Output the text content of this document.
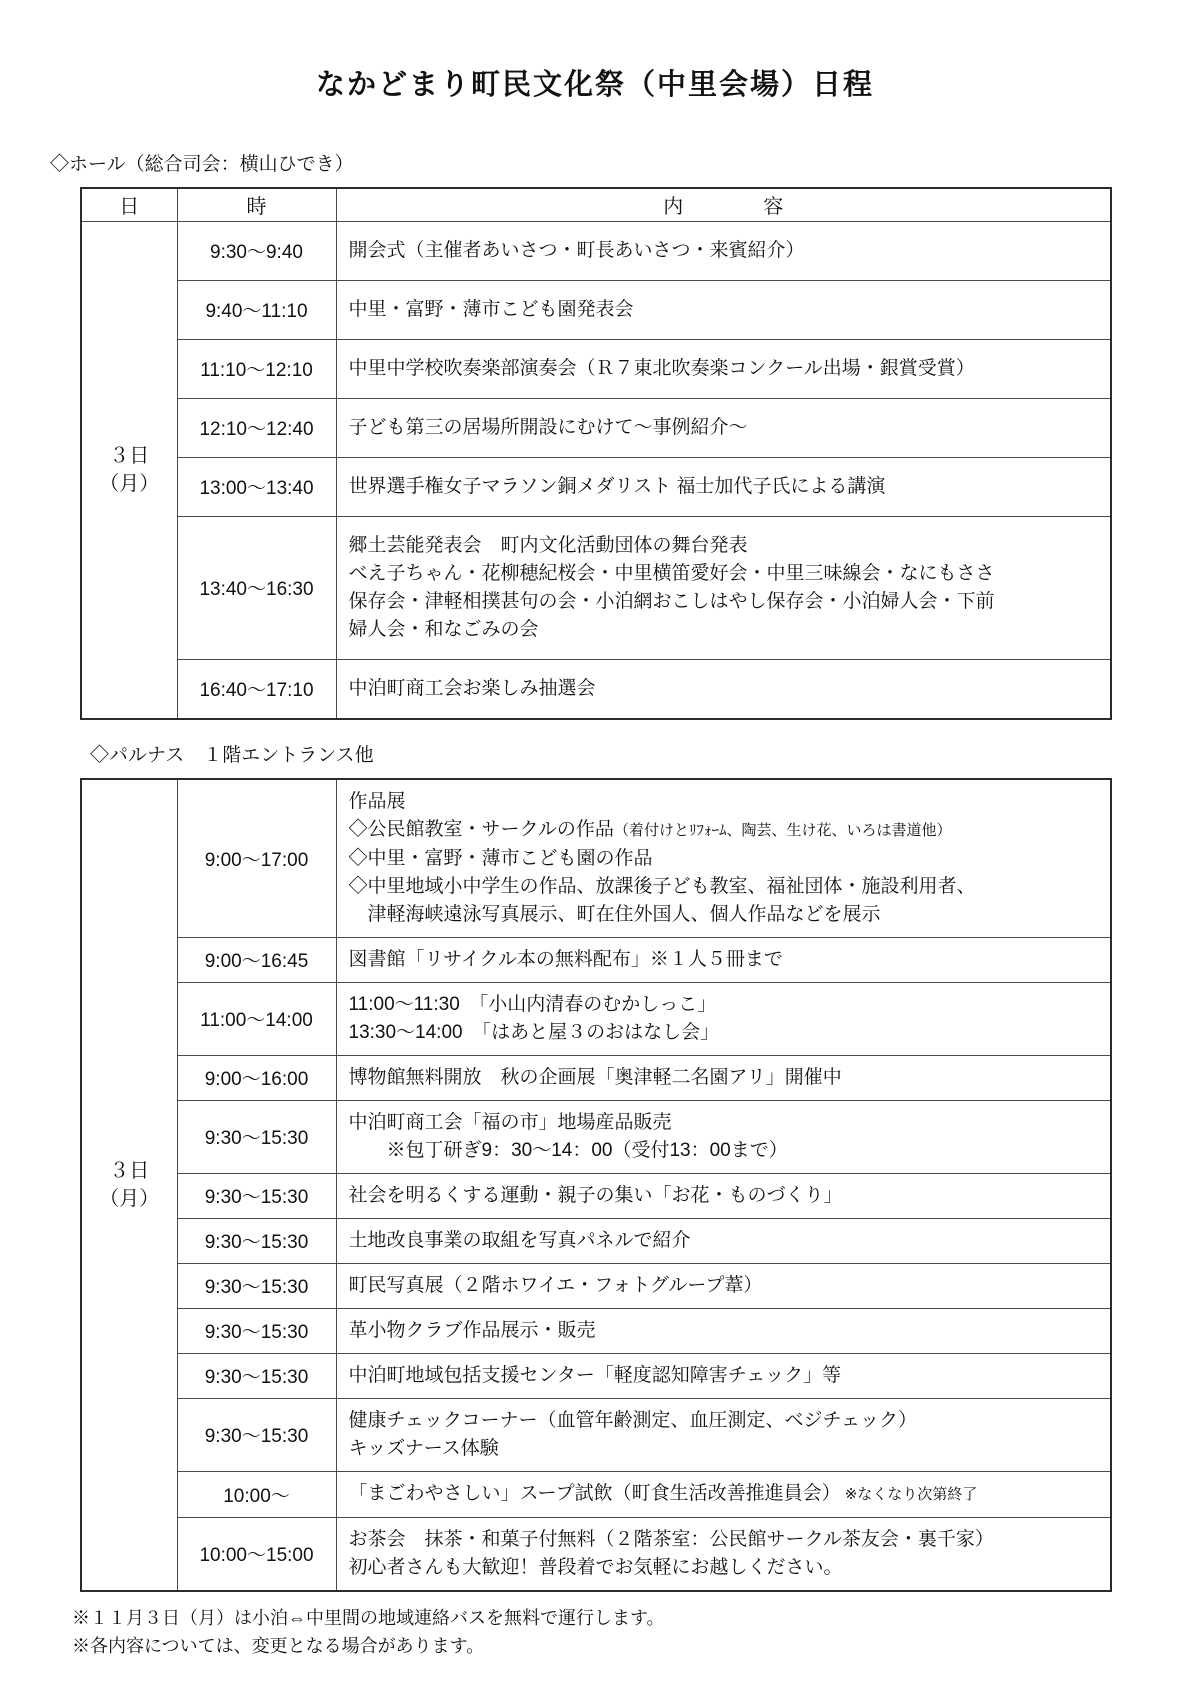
なかどまり町民文化祭（中里会場）日程
◇ホール（総合司会：横山ひでき）
日	時	内　　　　容

３日
（月）	9:30～9:40	開会式（主催者あいさつ・町長あいさつ・来賓紹介）

	9:40～11:10	中里・富野・薄市こども園発表会

	11:10～12:10	中里中学校吹奏楽部演奏会（Ｒ７東北吹奏楽コンクール出場・銀賞受賞）

	12:10～12:40	子ども第三の居場所開設にむけて～事例紹介～

	13:00～13:40	世界選手権女子マラソン銅メダリスト 福士加代子氏による講演

	13:40～16:30	郷土芸能発表会　町内文化活動団体の舞台発表
べえ子ちゃん・花柳穂紀桜会・中里横笛愛好会・中里三味線会・なにもささ
保存会・津軽相撲甚句の会・小泊網おこしはやし保存会・小泊婦人会・下前
婦人会・和なごみの会

	16:40～17:10	中泊町商工会お楽しみ抽選会
◇パルナス　１階エントランス他
３日
（月）
	9:00～17:00	
作品展
◇公民館教室・サークルの作品（着付けとﾘﾌｫｰﾑ、陶芸、生け花、いろは書道他）
◇中里・富野・薄市こども園の作品
◇中里地域小中学生の作品、放課後子ども教室、福祉団体・施設利用者、
　津軽海峡遠泳写真展示、町在住外国人、個人作品などを展示

	9:00～16:45	図書館「リサイクル本の無料配布」※１人５冊まで

	11:00～14:00	11:00～11:30　「小山内清春のむかしっこ」
13:30～14:00　「はあと屋３のおはなし会」

	9:00～16:00	博物館無料開放　秋の企画展「奥津軽二名園アリ」開催中

	9:30～15:30	中泊町商工会「福の市」地場産品販売
　　※包丁研ぎ9：30～14：00（受付13：00まで）

	9:30～15:30	社会を明るくする運動・親子の集い「お花・ものづくり」

	9:30～15:30	土地改良事業の取組を写真パネルで紹介

	9:30～15:30	町民写真展（２階ホワイエ・フォトグループ葦）

	9:30～15:30	革小物クラブ作品展示・販売

	9:30～15:30	中泊町地域包括支援センター「軽度認知障害チェック」等

	9:30～15:30	健康チェックコーナー（血管年齢測定、血圧測定、ベジチェック）
キッズナース体験

	10:00～	「まごわやさしい」スープ試飲（町食生活改善推進員会） ※なくなり次第終了

	10:00～15:00	お茶会　抹茶・和菓子付無料（２階茶室：公民館サークル茶友会・裏千家）
初心者さんも大歓迎！普段着でお気軽にお越しください。
※１１月３日（月）は小泊⇔中里間の地域連絡バスを無料で運行します。
※各内容については、変更となる場合があります。
